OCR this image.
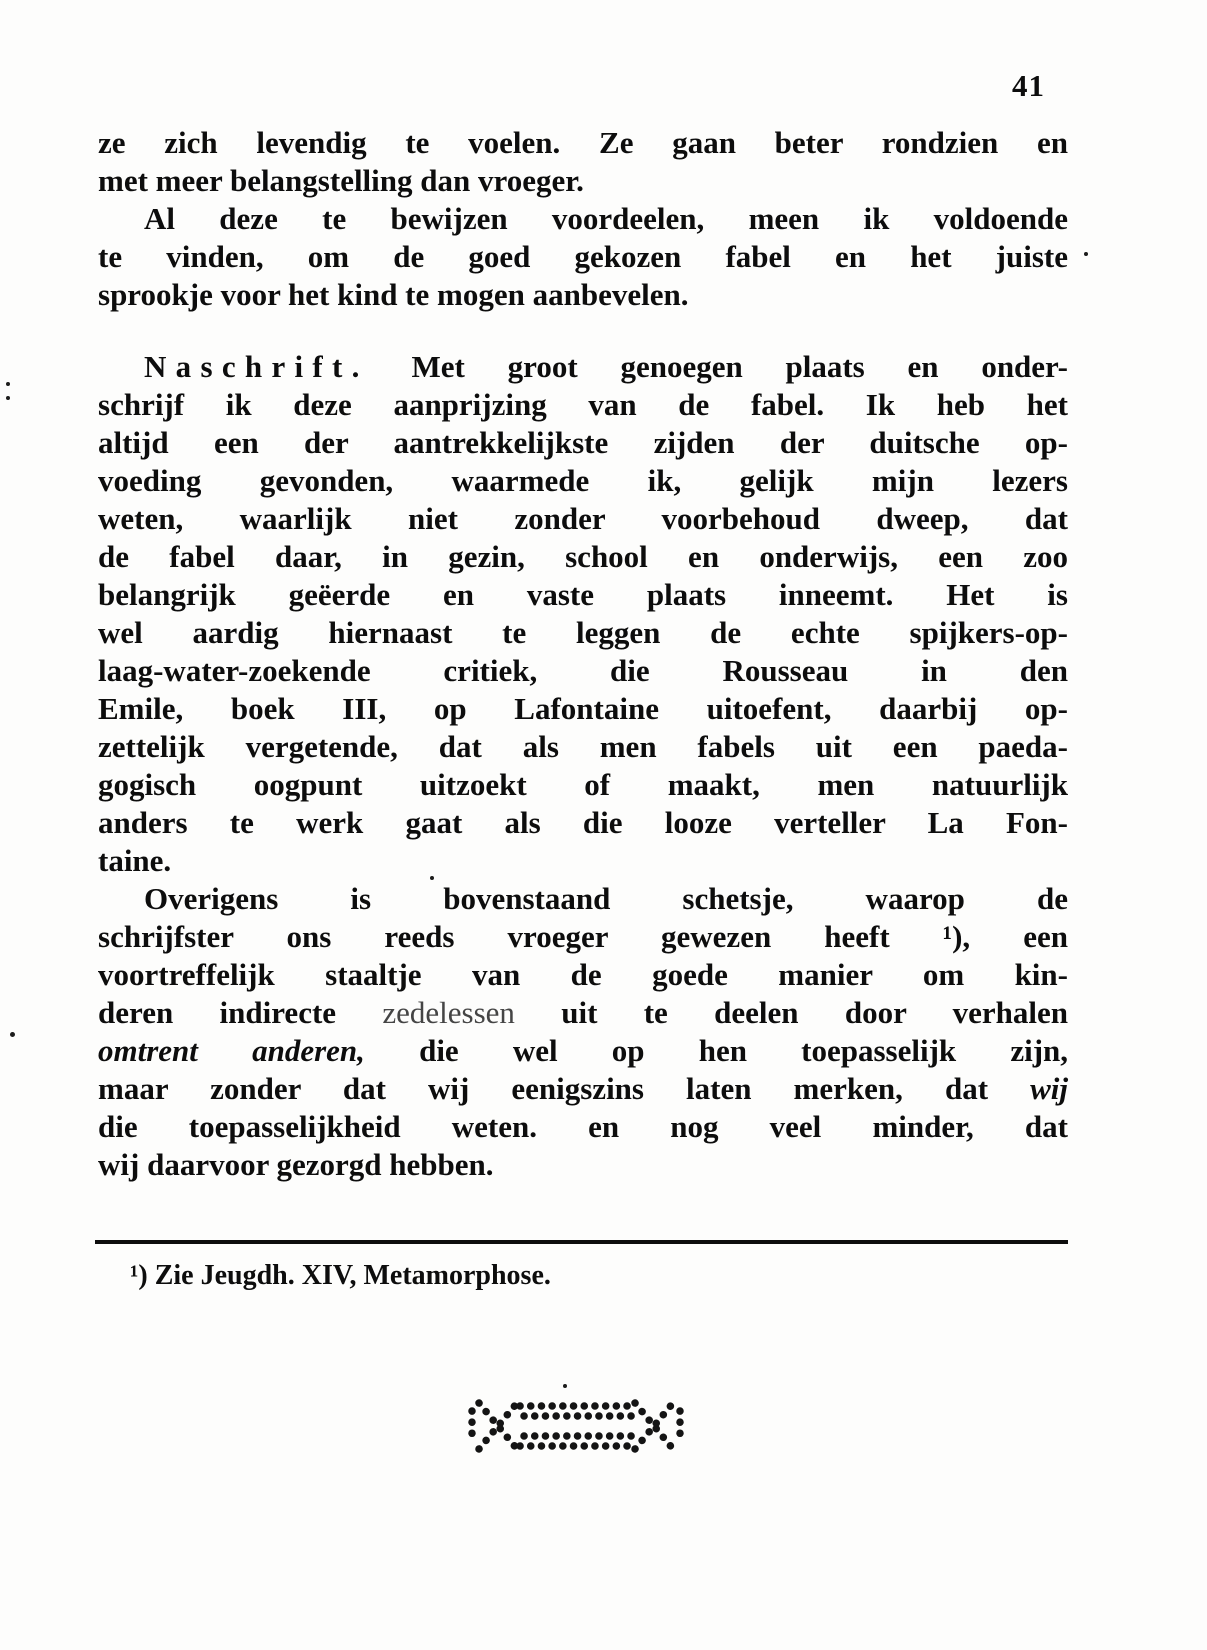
41
ze zich levendig te voelen. Ze gaan beter rondzien en
met meer belangstelling dan vroeger.
Al deze te bewijzen voordeelen, meen ik voldoende
te vinden, om de goed gekozen fabel en het juiste
sprookje voor het kind te mogen aanbevelen.
Naschrift. Met groot genoegen plaats en onder-
schrijf ik deze aanprijzing van de fabel. Ik heb het
altijd een der aantrekkelijkste zijden der duitsche op-
voeding gevonden, waarmede ik, gelijk mijn lezers
weten, waarlijk niet zonder voorbehoud dweep, dat
de fabel daar, in gezin, school en onderwijs, een zoo
belangrijk geëerde en vaste plaats inneemt. Het is
wel aardig hiernaast te leggen de echte spijkers-op-
laag-water-zoekende critiek, die Rousseau in den
Emile, boek III, op Lafontaine uitoefent, daarbij op-
zettelijk vergetende, dat als men fabels uit een paeda-
gogisch oogpunt uitzoekt of maakt, men natuurlijk
anders te werk gaat als die looze verteller La Fon-
taine.
Overigens is bovenstaand schetsje, waarop de
schrijfster ons reeds vroeger gewezen heeft ¹), een
voortreffelijk staaltje van de goede manier om kin-
deren indirecte zedelessen uit te deelen door verhalen
omtrent anderen, die wel op hen toepasselijk zijn,
maar zonder dat wij eenigszins laten merken, dat wij
die toepasselijkheid weten. en nog veel minder, dat
wij daarvoor gezorgd hebben.
¹) Zie Jeugdh. XIV, Metamorphose.
